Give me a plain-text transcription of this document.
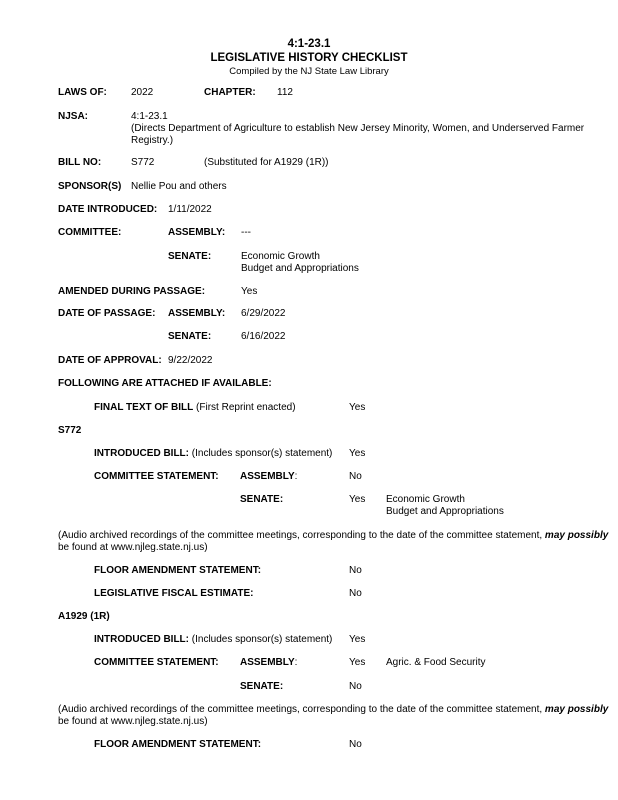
4:1-23.1
LEGISLATIVE HISTORY CHECKLIST
Compiled by the NJ State Law Library
LAWS OF: 2022	CHAPTER: 112
NJSA:	4:1-23.1
(Directs Department of Agriculture to establish New Jersey Minority, Women, and Underserved Farmer Registry.)
BILL NO:	S772	(Substituted for A1929 (1R))
SPONSOR(S) Nellie Pou and others
DATE INTRODUCED: 1/11/2022
COMMITTEE:	ASSEMBLY: ---
SENATE:	Economic Growth
Budget and Appropriations
AMENDED DURING PASSAGE:	Yes
DATE OF PASSAGE: ASSEMBLY: 6/29/2022
SENATE:	6/16/2022
DATE OF APPROVAL: 9/22/2022
FOLLOWING ARE ATTACHED IF AVAILABLE:
FINAL TEXT OF BILL (First Reprint enacted)	Yes
S772
INTRODUCED BILL: (Includes sponsor(s) statement) Yes
COMMITTEE STATEMENT: ASSEMBLY:	No
SENATE:	Yes Economic Growth
Budget and Appropriations
(Audio archived recordings of the committee meetings, corresponding to the date of the committee statement, may possibly
be found at www.njleg.state.nj.us)
FLOOR AMENDMENT STATEMENT:	No
LEGISLATIVE FISCAL ESTIMATE:	No
A1929 (1R)
INTRODUCED BILL: (Includes sponsor(s) statement) Yes
COMMITTEE STATEMENT: ASSEMBLY:	Yes Agric. & Food Security
SENATE:	No
(Audio archived recordings of the committee meetings, corresponding to the date of the committee statement, may possibly
be found at www.njleg.state.nj.us)
FLOOR AMENDMENT STATEMENT:	No
